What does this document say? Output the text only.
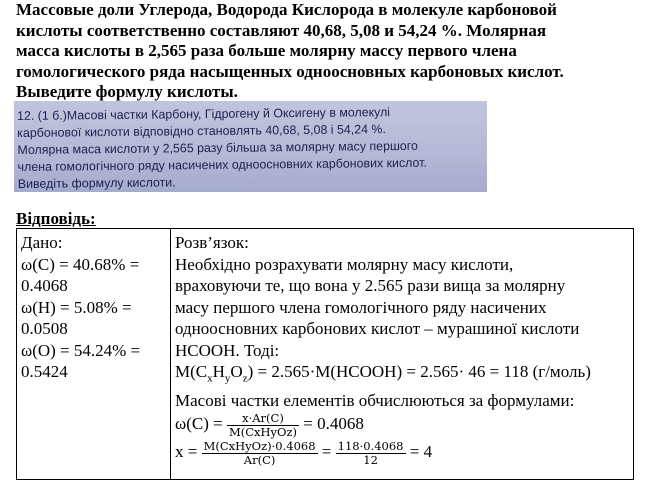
Массовые доли Углерода, Водорода Кислорода в молекуле карбоновой
кислоты соответственно составляют 40,68, 5,08 и 54,24 %. Молярная
масса кислоты в 2,565 раза больше молярну массу первого члена
гомологического ряда насыщенных одноосновных карбоновых кислот.
Выведите формулу кислоты.
12. (1 б.)Масові частки Карбону, Гідрогену й Оксигену в молекулі
карбонової кислоти відповідно становлять 40,68, 5,08 і 54,24 %.
Молярна маса кислоти у 2,565 разу більша за молярну масу першого
члена гомологічного ряду насичених одноосновних карбонових кислот.
Виведіть формулу кислоти.
Відповідь:
Дано:
ω(C) = 40.68% =
0.4068
ω(H) = 5.08% =
0.0508
ω(O) = 54.24% =
0.5424

Розв’язок:
Необхідно розрахувати молярну масу кислоти,
враховуючи те, що вона у 2.565 рази вища за молярну
масу першого члена гомологічного ряду насичених
одноосновних карбонових кислот – мурашиної кислоти
HCOOH. Тоді:
$M(C_xH_yO_z)$ = 2.565·M(HCOOH) = 2.565· 46 = 118 (г/моль)
Масові частки елементів обчислюються за формулами:
$\omega(C) = \frac{x\cdot Ar(C)}{\text{M(CxHyOz)}} = 0.4068$
$x = \frac{\text{M(CxHyOz)·0.4068}}{Ar(C)} = \frac{118\cdot 0.4068}{12} = 4$
